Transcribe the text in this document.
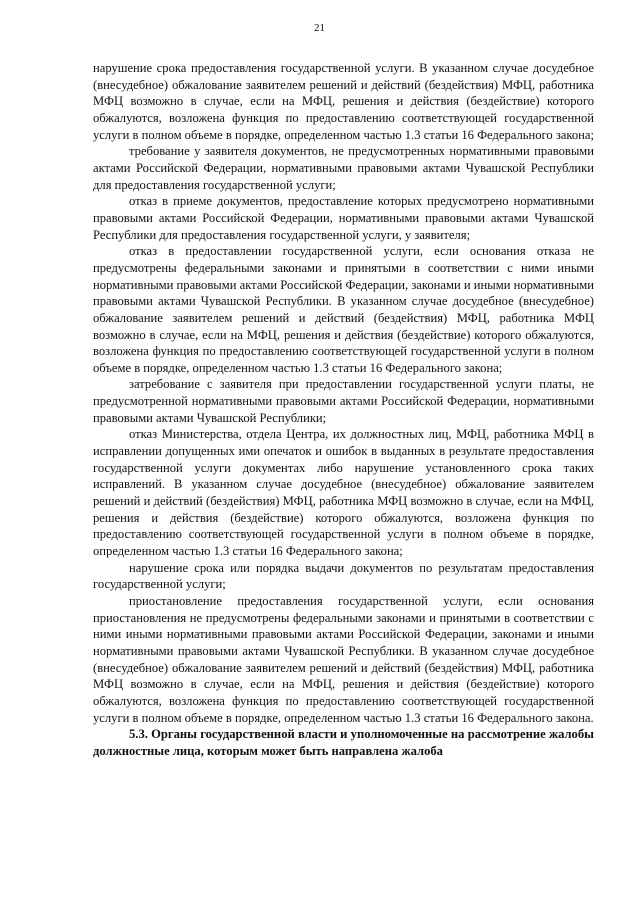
21

нарушение срока предоставления государственной услуги. В указанном случае досудебное (внесудебное) обжалование заявителем решений и действий (бездействия) МФЦ, работника МФЦ возможно в случае, если на МФЦ, решения и действия (бездействие) которого обжалуются, возложена функция по предоставлению соответствующей государственной услуги в полном объеме в порядке, определенном частью 1.3 статьи 16 Федерального закона;

требование у заявителя документов, не предусмотренных нормативными правовыми актами Российской Федерации, нормативными правовыми актами Чувашской Республики для предоставления государственной услуги;

отказ в приеме документов, предоставление которых предусмотрено нормативными правовыми актами Российской Федерации, нормативными правовыми актами Чувашской Республики для предоставления государственной услуги, у заявителя;

отказ в предоставлении государственной услуги, если основания отказа не предусмотрены федеральными законами и принятыми в соответствии с ними иными нормативными правовыми актами Российской Федерации, законами и иными нормативными правовыми актами Чувашской Республики. В указанном случае досудебное (внесудебное) обжалование заявителем решений и действий (бездействия) МФЦ, работника МФЦ возможно в случае, если на МФЦ, решения и действия (бездействие) которого обжалуются, возложена функция по предоставлению соответствующей государственной услуги в полном объеме в порядке, определенном частью 1.3 статьи 16 Федерального закона;

затребование с заявителя при предоставлении государственной услуги платы, не предусмотренной нормативными правовыми актами Российской Федерации, нормативными правовыми актами Чувашской Республики;

отказ Министерства, отдела Центра, их должностных лиц, МФЦ, работника МФЦ в исправлении допущенных ими опечаток и ошибок в выданных в результате предоставления государственной услуги документах либо нарушение установленного срока таких исправлений. В указанном случае досудебное (внесудебное) обжалование заявителем решений и действий (бездействия) МФЦ, работника МФЦ возможно в случае, если на МФЦ, решения и действия (бездействие) которого обжалуются, возложена функция по предоставлению соответствующей государственной услуги в полном объеме в порядке, определенном частью 1.3 статьи 16 Федерального закона;

нарушение срока или порядка выдачи документов по результатам предоставления государственной услуги;

приостановление предоставления государственной услуги, если основания приостановления не предусмотрены федеральными законами и принятыми в соответствии с ними иными нормативными правовыми актами Российской Федерации, законами и иными нормативными правовыми актами Чувашской Республики. В указанном случае досудебное (внесудебное) обжалование заявителем решений и действий (бездействия) МФЦ, работника МФЦ возможно в случае, если на МФЦ, решения и действия (бездействие) которого обжалуются, возложена функция по предоставлению соответствующей государственной услуги в полном объеме в порядке, определенном частью 1.3 статьи 16 Федерального закона.

5.3. Органы государственной власти и уполномоченные на рассмотрение жалобы должностные лица, которым может быть направлена жалоба
